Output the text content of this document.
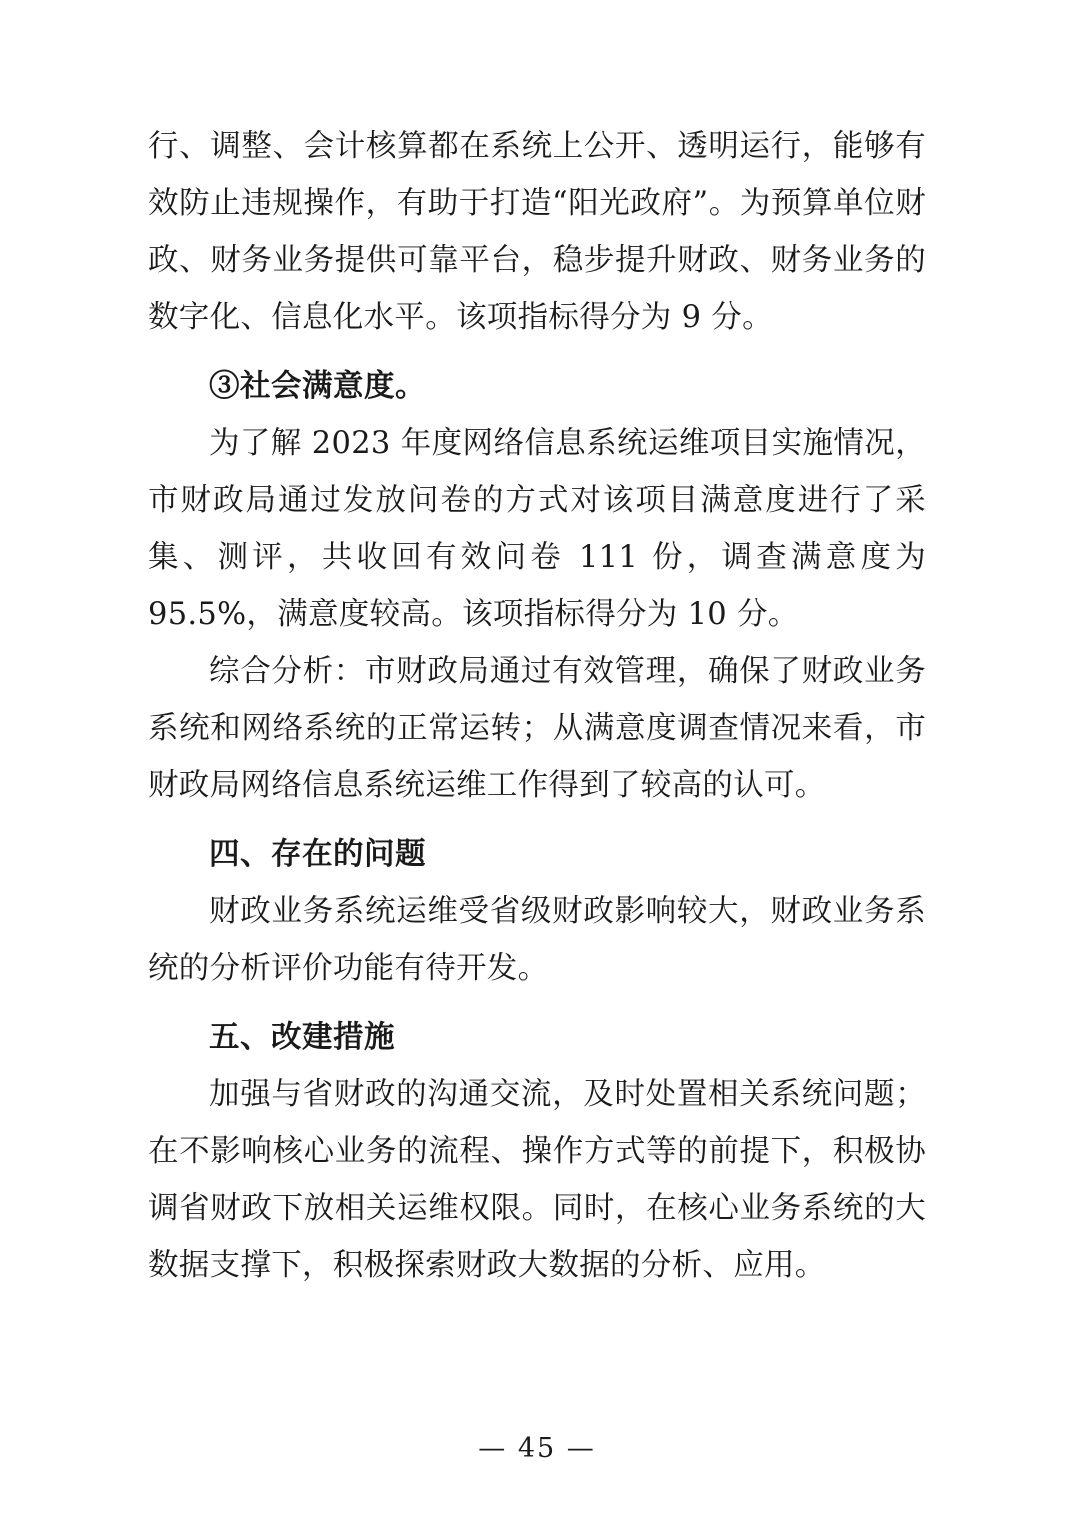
行、调整、会计核算都在系统上公开、透明运行，能够有效防止违规操作，有助于打造“阳光政府”。为预算单位财政、财务业务提供可靠平台，稳步提升财政、财务业务的数字化、信息化水平。该项指标得分为 9 分。

③社会满意度。

为了解 2023 年度网络信息系统运维项目实施情况，市财政局通过发放问卷的方式对该项目满意度进行了采集、测评，共收回有效问卷 111 份，调查满意度为 95.5%，满意度较高。该项指标得分为 10 分。

综合分析：市财政局通过有效管理，确保了财政业务系统和网络系统的正常运转；从满意度调查情况来看，市财政局网络信息系统运维工作得到了较高的认可。

四、存在的问题

财政业务系统运维受省级财政影响较大，财政业务系统的分析评价功能有待开发。

五、改建措施

加强与省财政的沟通交流，及时处置相关系统问题；在不影响核心业务的流程、操作方式等的前提下，积极协调省财政下放相关运维权限。同时，在核心业务系统的大数据支撑下，积极探索财政大数据的分析、应用。

— 45 —
